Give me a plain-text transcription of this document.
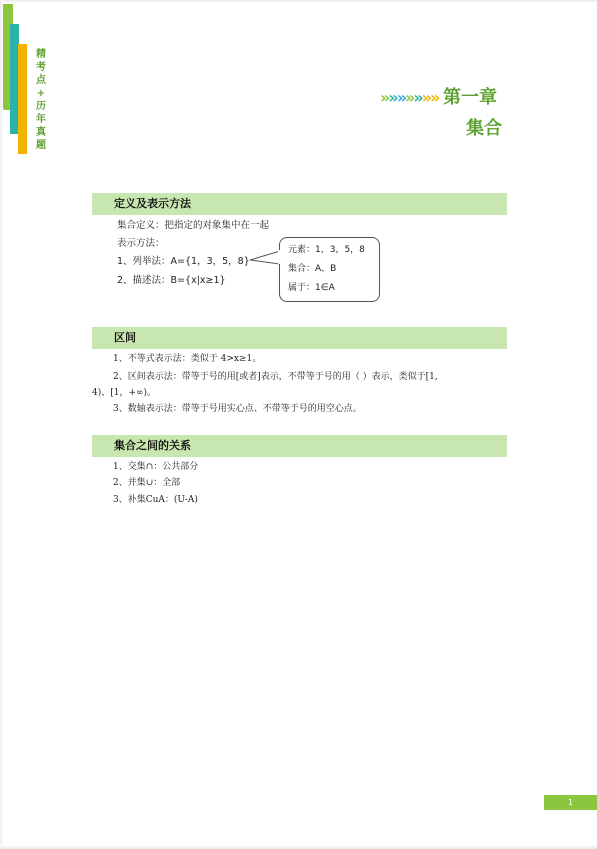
精
考
点
+
历
年
真
题
»
»
»
»
»
»
» 第一章
集合
定义及表示方法
集合定义：把指定的对象集中在一起
表示方法：
1、列举法：A={1，3，5，8}
2、描述法：B={x|x≥1}
元素：1，3，5，8
集合：A、B
属于：1∈A
区间
1、不等式表示法：类似于 4>x≥1。
2、区间表示法：带等于号的用[或者]表示，不带等于号的用（ ）表示，类似于[1,
4)、[1，+∞)。
3、数轴表示法：带等于号用实心点、不带等于号的用空心点。
集合之间的关系
1、交集∩：公共部分
2、并集∪：全部
3、补集CuA：(U-A)
1
